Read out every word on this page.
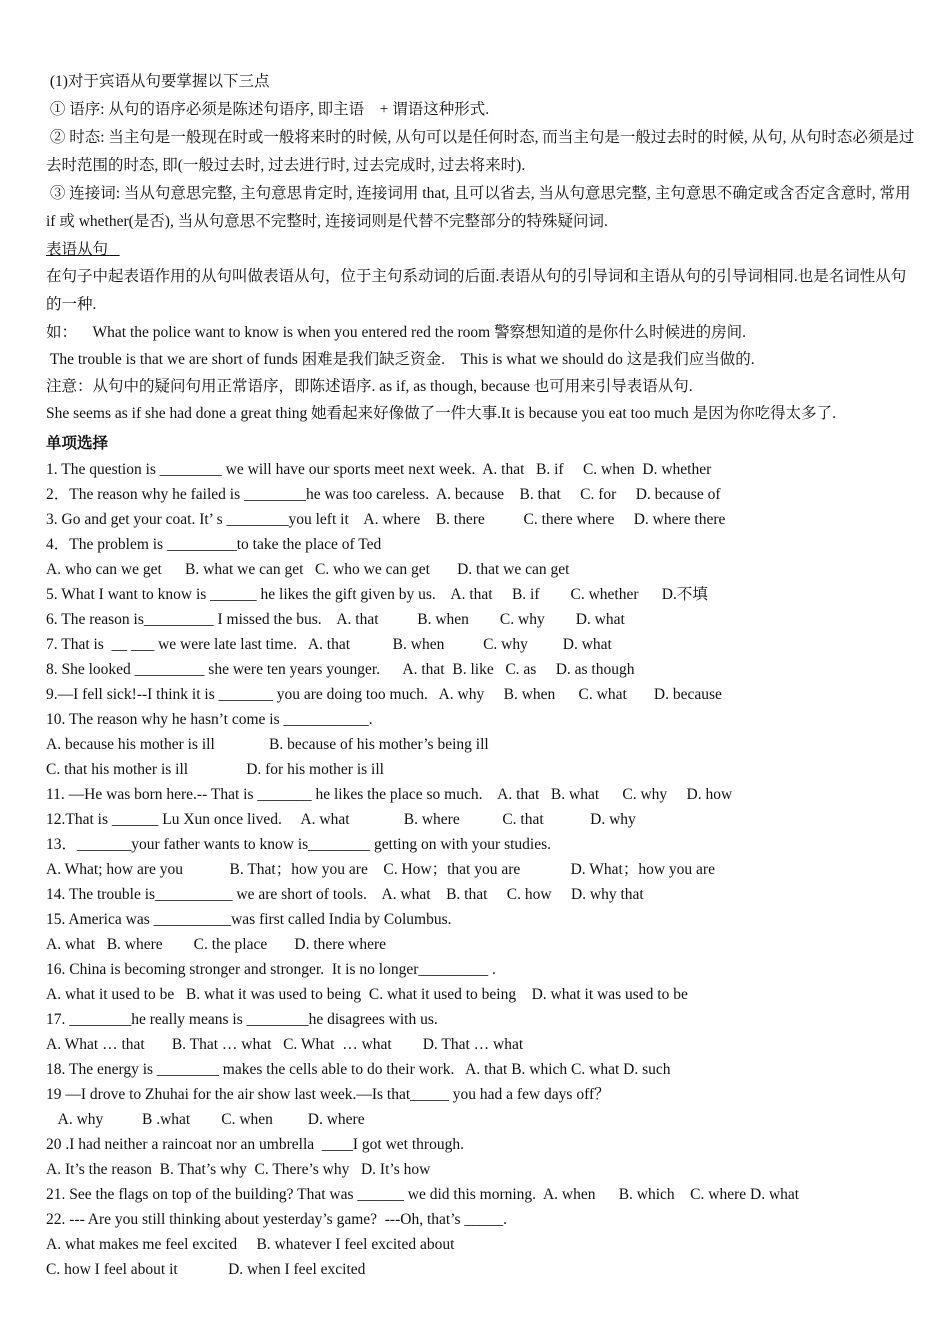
(1)对于宾语从句要掌握以下三点

① 语序: 从句的语序必须是陈述句语序, 即主语    + 谓语这种形式.

② 时态: 当主句是一般现在时或一般将来时的时候, 从句可以是任何时态, 而当主句是一般过去时的时候, 从句, 从句时态必须是过去时范围的时态, 即(一般过去时, 过去进行时, 过去完成时, 过去将来时).

③ 连接词: 当从句意思完整, 主句意思肯定时, 连接词用 that, 且可以省去, 当从句意思完整, 主句意思不确定或含否定含意时, 常用 if 或 whether(是否), 当从句意思不完整时, 连接词则是代替不完整部分的特殊疑问词.

表语从句

在句子中起表语作用的从句叫做表语从句，位于主句系动词的后面.表语从句的引导词和主语从句的引导词相同.也是名词性从句的一种.

如：    What the police want to know is when you entered red the room 警察想知道的是你什么时候进的房间.

The trouble is that we are short of funds 困难是我们缺乏资金.    This is what we should do 这是我们应当做的.

注意：从句中的疑问句用正常语序，即陈述语序. as if, as though, because 也可用来引导表语从句.

She seems as if she had done a great thing 她看起来好像做了一件大事.It is because you eat too much 是因为你吃得太多了.

单项选择

1. The question is ________ we will have our sports meet next week.  A. that   B. if     C. when  D. whether

2．The reason why he failed is ________he was too careless.  A. because    B. that     C. for     D. because of

3. Go and get your coat. It’ s ________you left it    A. where    B. there          C. there where     D. where there

4．The problem is _________to take the place of Ted

A. who can we get      B. what we can get   C. who we can get       D. that we can get

5. What I want to know is ______ he likes the gift given by us.    A. that     B. if        C. whether      D.不填

6. The reason is_________ I missed the bus.    A. that          B. when        C. why        D. what

7. That is  __ ___ we were late last time.   A. that           B. when          C. why         D. what

8. She looked _________ she were ten years younger.      A. that  B. like   C. as     D. as though

9.—I fell sick!--I think it is _______ you are doing too much.   A. why     B. when      C. what       D. because

10. The reason why he hasn’t come is ___________.

A. because his mother is ill              B. because of his mother’s being ill

C. that his mother is ill               D. for his mother is ill

11. —He was born here.-- That is _______ he likes the place so much.    A. that   B. what      C. why     D. how

12.That is ______ Lu Xun once lived.     A. what              B. where           C. that            D. why

13．_______your father wants to know is________ getting on with your studies.

A. What; how are you            B. That；how you are    C. How；that you are             D. What；how you are

14. The trouble is__________ we are short of tools.    A. what    B. that     C. how     D. why that

15. America was __________was first called India by Columbus.

A. what   B. where        C. the place       D. there where

16. China is becoming stronger and stronger.  It is no longer_________ .

A. what it used to be   B. what it was used to being  C. what it used to being    D. what it was used to be

17. ________he really means is ________he disagrees with us.

A. What … that       B. That … what   C. What  … what        D. That … what

18. The energy is ________ makes the cells able to do their work.   A. that B. which C. what D. such

19 —I drove to Zhuhai for the air show last week.—Is that_____ you had a few days off？

A. why          B .what        C. when         D. where

20 .I had neither a raincoat nor an umbrella  ____I got wet through.

A. It’s the reason  B. That’s why  C. There’s why   D. It’s how

21. See the flags on top of the building? That was ______ we did this morning.  A. when      B. which    C. where D. what

22. --- Are you still thinking about yesterday’s game?  ---Oh, that’s _____.

A. what makes me feel excited     B. whatever I feel excited about

C. how I feel about it             D. when I feel excited
